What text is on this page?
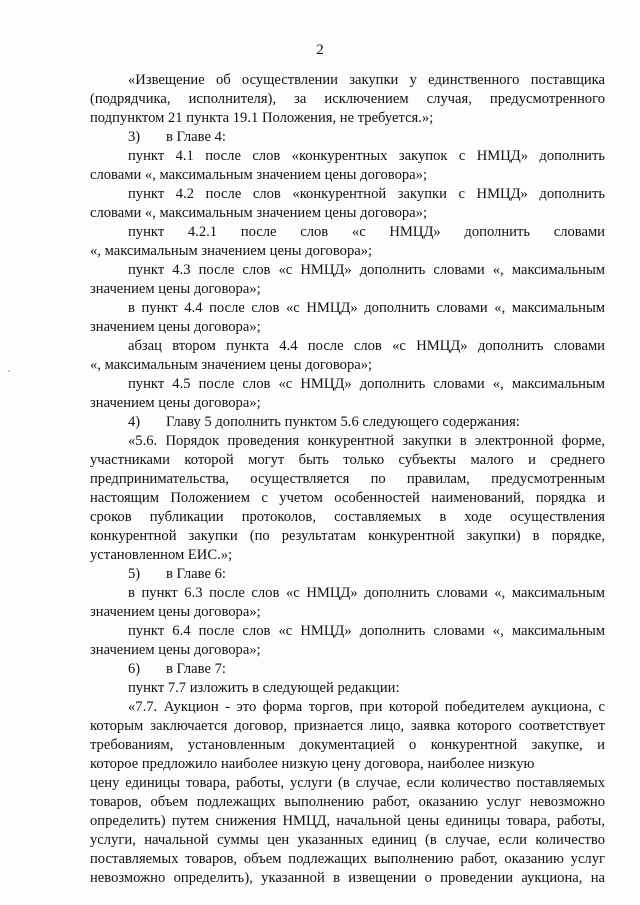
2
«Извещение об осуществлении закупки у единственного поставщика
(подрядчика, исполнителя), за исключением случая, предусмотренного
подпунктом 21 пункта 19.1 Положения, не требуется.»;
3) в Главе 4:
пункт 4.1 после слов «конкурентных закупок с НМЦД» дополнить
словами «, максимальным значением цены договора»;
пункт 4.2 после слов «конкурентной закупки с НМЦД» дополнить
словами «, максимальным значением цены договора»;
пункт 4.2.1 после слов «с НМЦД» дополнить словами
«, максимальным значением цены договора»;
пункт 4.3 после слов «с НМЦД» дополнить словами «, максимальным
значением цены договора»;
в пункт 4.4 после слов «с НМЦД» дополнить словами «, максимальным
значением цены договора»;
абзац втором пункта 4.4 после слов «с НМЦД» дополнить словами
«, максимальным значением цены договора»;
пункт 4.5 после слов «с НМЦД» дополнить словами «, максимальным
значением цены договора»;
4) Главу 5 дополнить пунктом 5.6 следующего содержания:
«5.6. Порядок проведения конкурентной закупки в электронной форме,
участниками которой могут быть только субъекты малого и среднего
предпринимательства, осуществляется по правилам, предусмотренным
настоящим Положением с учетом особенностей наименований, порядка и
сроков публикации протоколов, составляемых в ходе осуществления
конкурентной закупки (по результатам конкурентной закупки) в порядке,
установленном ЕИС.»;
5) в Главе 6:
в пункт 6.3 после слов «с НМЦД» дополнить словами «, максимальным
значением цены договора»;
пункт 6.4 после слов «с НМЦД» дополнить словами «, максимальным
значением цены договора»;
6) в Главе 7:
пункт 7.7 изложить в следующей редакции:
«7.7. Аукцион - это форма торгов, при которой победителем аукциона, с
которым заключается договор, признается лицо, заявка которого соответствует
требованиям, установленным документацией о конкурентной закупке, и
которое предложило наиболее низкую цену договора, наиболее низкую
цену единицы товара, работы, услуги (в случае, если количество поставляемых
товаров, объем подлежащих выполнению работ, оказанию услуг невозможно
определить) путем снижения НМЦД, начальной цены единицы товара, работы,
услуги, начальной суммы цен указанных единиц (в случае, если количество
поставляемых товаров, объем подлежащих выполнению работ, оказанию услуг
невозможно определить), указанной в извещении о проведении аукциона, на
